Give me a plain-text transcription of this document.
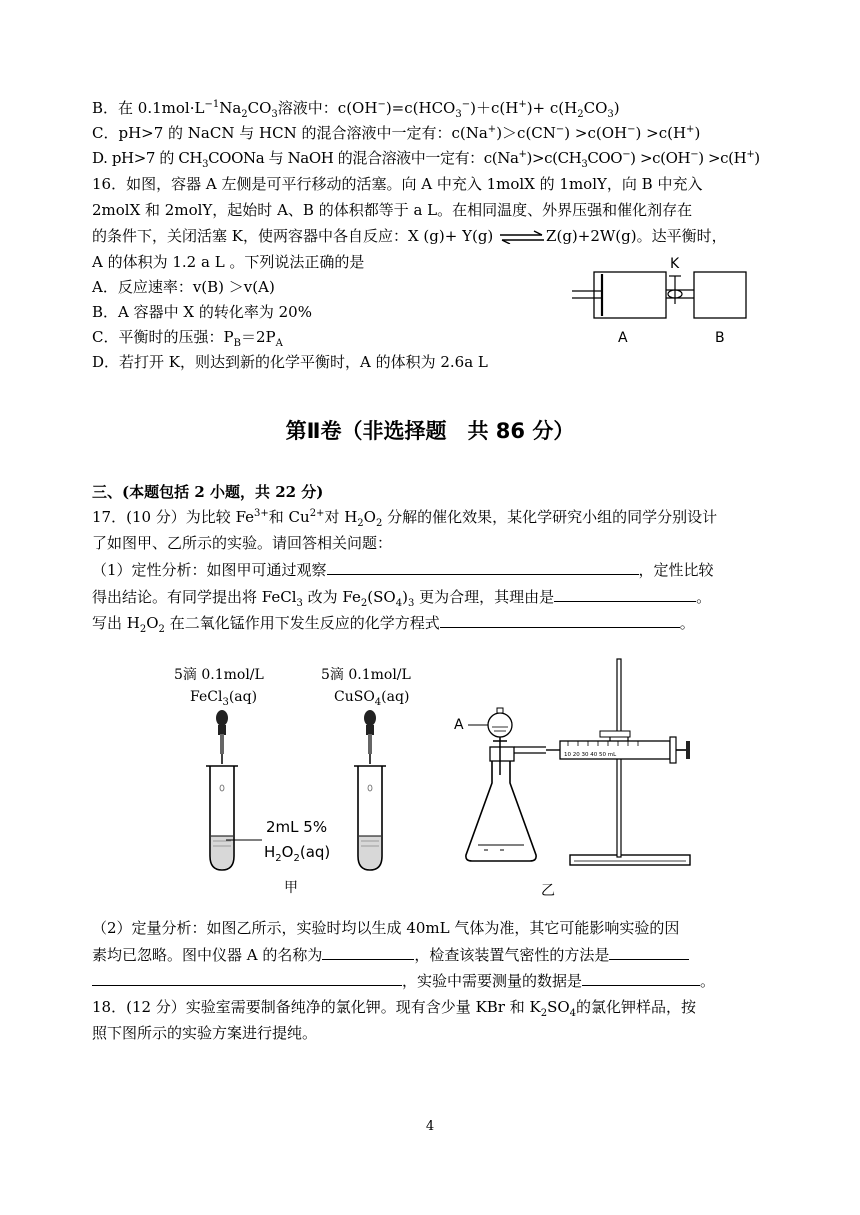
B．在 $0.1mol\cdot L^{-1}Na_2CO_3$溶液中：$c(OH^-)=c(HCO_3^-)+c(H^+)+ c(H_2CO_3)$
C．pH>7 的 NaCN 与 HCN 的混合溶液中一定有：c(Na+)＞c(CN−) >c(OH−) >c(H+)
D. pH>7 的 $CH_3COONa$ 与 NaOH 的混合溶液中一定有：$c(Na^+)>c(CH_3COO^-) >c(OH^-) >c(H^+)$
16．如图，容器 A 左侧是可平行移动的活塞。向 A 中充入 1molX 的 1molY，向 B 中充入
2molX 和 2molY，起始时 A、B 的体积都等于 a L。在相同温度、外界压强和催化剂存在
的条件下，关闭活塞 K，使两容器中各自反应：X (g)+ Y(g) ⇌Z(g)+2W(g)。达平衡时，
A 的体积为 1.2 a L 。下列说法正确的是
A．反应速率：v(B) ＞v(A)
B．A 容器中 X 的转化率为 20%
C．平衡时的压强：$P_B=2P_A$
D．若打开 K，则达到新的化学平衡时，A 的体积为 2.6a L
K
A	B
第Ⅱ卷（非选择题　共 86 分）
三、(本题包括 2 小题，共 22 分)
17．(10 分）为比较 $Fe^{3+}$和 $Cu^{2+}$对 $H_2O_2$ 分解的催化效果，某化学研究小组的同学分别设计
了如图甲、乙所示的实验。请回答相关问题：
（1）定性分析：如图甲可通过观察	，定性比较
得出结论。有同学提出将 FeCl$_3$ 改为 $Fe_2(SO_4)_3$ 更为合理，其理由是	。
写出 $H_2O_2$ 在二氧化锰作用下发生反应的化学方程式	。
5滴 0.1mol/L
FeCl$_3$(aq)
5滴 0.1mol/L
CuSO$_4$(aq)
2mL 5%
$H_2O_2(aq)$
甲
10 20 30 40 50 mL
A
乙
（2）定量分析：如图乙所示，实验时均以生成 40mL 气体为准，其它可能影响实验的因
素均已忽略。图中仪器 A 的名称为	，检查该装置气密性的方法是
，实验中需要测量的数据是	。
18．(12 分）实验室需要制备纯净的氯化钾。现有含少量 KBr 和 $K_2SO_4$的氯化钾样品，按
照下图所示的实验方案进行提纯。
4
